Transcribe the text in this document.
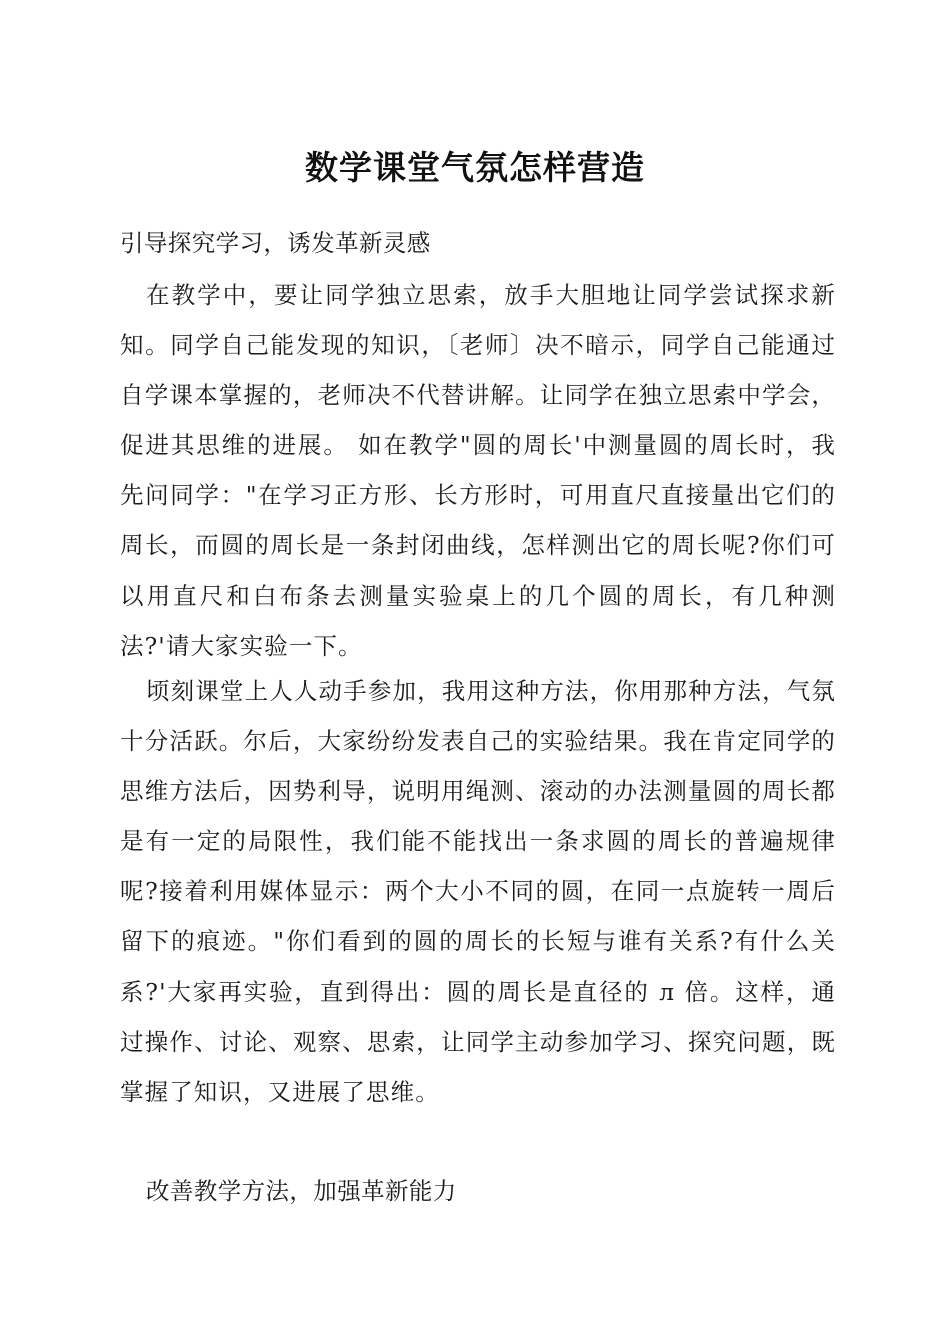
数学课堂气氛怎样营造
引导探究学习，诱发革新灵感

在教学中，要让同学独立思索，放手大胆地让同学尝试探求新知。同学自己能发现的知识，〔老师〕决不暗示，同学自己能通过自学课本掌握的，老师决不代替讲解。让同学在独立思索中学会，促进其思维的进展。 如在教学"圆的周长'中测量圆的周长时，我先问同学："在学习正方形、长方形时，可用直尺直接量出它们的周长，而圆的周长是一条封闭曲线，怎样测出它的周长呢?你们可以用直尺和白布条去测量实验桌上的几个圆的周长，有几种测法?'请大家实验一下。

顷刻课堂上人人动手参加，我用这种方法，你用那种方法，气氛十分活跃。尔后，大家纷纷发表自己的实验结果。我在肯定同学的思维方法后，因势利导，说明用绳测、滚动的办法测量圆的周长都是有一定的局限性，我们能不能找出一条求圆的周长的普遍规律呢?接着利用媒体显示：两个大小不同的圆，在同一点旋转一周后留下的痕迹。"你们看到的圆的周长的长短与谁有关系?有什么关系?'大家再实验，直到得出：圆的周长是直径的 л 倍。这样，通过操作、讨论、观察、思索，让同学主动参加学习、探究问题，既掌握了知识，又进展了思维。

改善教学方法，加强革新能力
